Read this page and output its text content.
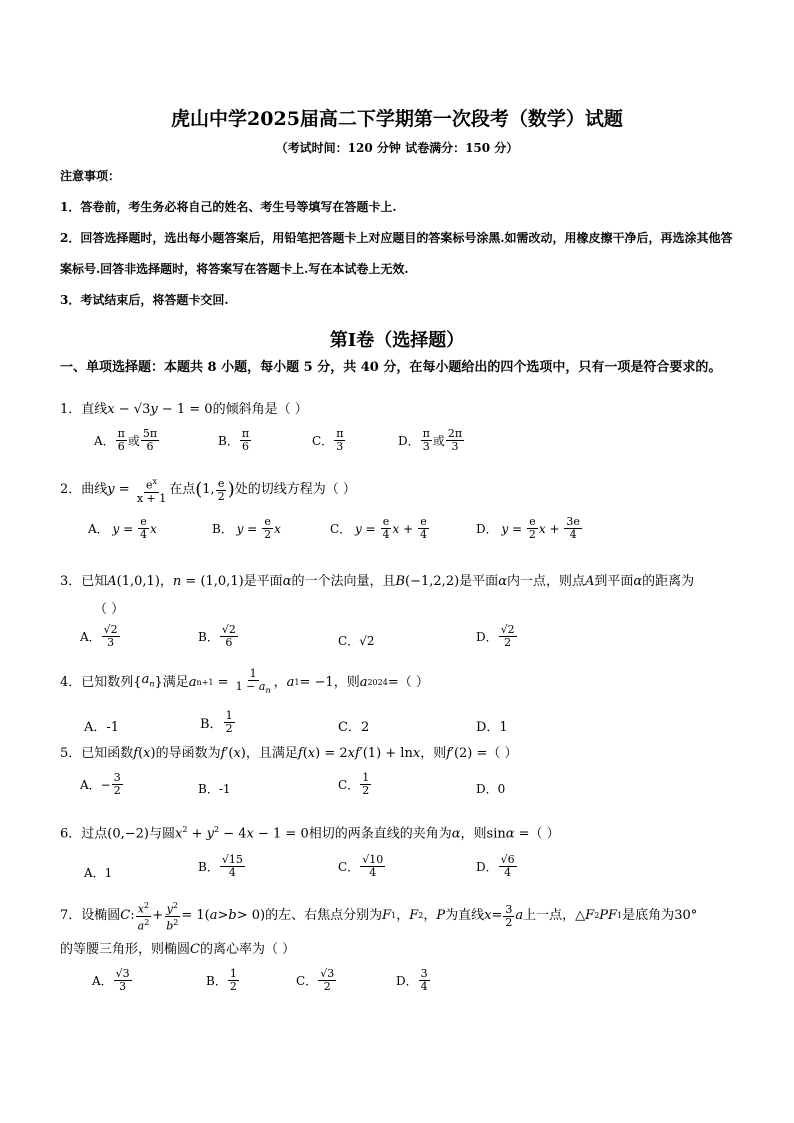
虎山中学2025届高二下学期第一次段考（数学）试题
（考试时间：120 分钟 试卷满分：150 分）
注意事项：
1．答卷前，考生务必将自己的姓名、考生号等填写在答题卡上.
2．回答选择题时，选出每小题答案后，用铅笔把答题卡上对应题目的答案标号涂黑.如需改动，用橡皮擦干净后，再选涂其他答
案标号.回答非选择题时，将答案写在答题卡上.写在本试卷上无效.
3．考试结束后，将答题卡交回.
第Ⅰ卷（选择题）
一、单项选择题：本题共 8 小题，每小题 5 分，共 40 分，在每小题给出的四个选项中，只有一项是符合要求的。
1．直线x − √3y − 1 = 0的倾斜角是（ ）
A． $\frac{\pi}{6}$ 或 $\frac{5\pi}{6}$	B． $\frac{\pi}{6}$	C． $\frac{\pi}{3}$	D． $\frac{\pi}{3}$ 或 $\frac{2\pi}{3}$
2．曲线 $y = \frac{e^x}{x + 1}$ 在点 ( 1, $\frac{e}{2}$ ) 处的切线方程为（ ）
A．
$y = \frac{e}{4}$ x	B．
$y = \frac{e}{2}$ x	C．
$y = \frac{e}{4}$ $x + \frac{e}{4}$	D．
$y = \frac{e}{2}$ $x + \frac{3e}{4}$
3．已知A(1,0,1)，n = (1,0,1)是平面α的一个法向量，且B(−1,2,2)是平面α内一点，则点A到平面α的距离为
（ ）
A． $\frac{√2}{3}$	B． $\frac{√2}{6}$	C． √2	D． $\frac{√2}{2}$
4．已知数列 { $a_n$ } 满足 a $n+1 = \frac{1}{1 - a_n}$ ， a 1 = −1 ，则 a 2024 = （ ）
A．-1	B． $\frac{1}{2}$	C．2	D．1
5．已知函数f(x)的导函数为f′(x)，且满足f(x) = 2xf′(1) + lnx，则f′(2) =（ ）
A． − $\frac{3}{2}$	B．-1	C． $\frac{1}{2}$	D．0
6．过点(0,−2)与圆$x^2 + y^2 - 4x - 1 = 0$相切的两条直线的夹角为α，则sinα =（ ）
A．1	B． $\frac{√15}{4}$	C． $\frac{√10}{4}$	D． $\frac{√6}{4}$
7．设椭圆 C : $\frac{x^2}{a^2} + \frac{y^2}{b^2} = 1$( a > b > 0) 的左、右焦点分别为 F 1 ， F 2 ， P 为直线 $x = \frac{3}{2}$ a 上一点， △ F 2 PF 1 是底角为 30°
的等腰三角形，则椭圆C的离心率为（ ）
A． $\frac{√3}{3}$	B． $\frac{1}{2}$	C． $\frac{√3}{2}$	D． $\frac{3}{4}$
